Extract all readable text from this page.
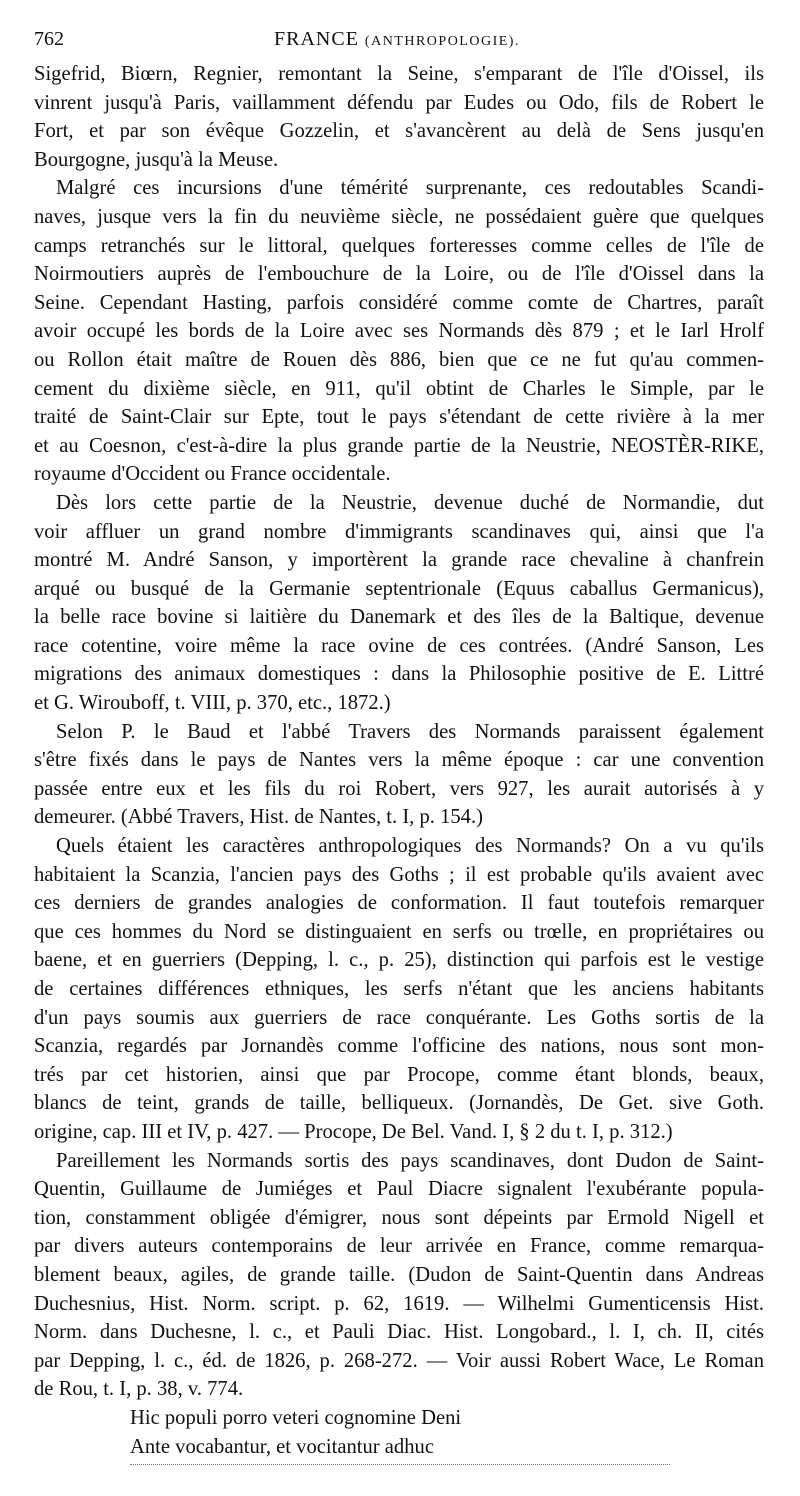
762	FRANCE (ANTHROPOLOGIE).
Sigefrid, Biœrn, Regnier, remontant la Seine, s'emparant de l'île d'Oissel, ils
vinrent jusqu'à Paris, vaillamment défendu par Eudes ou Odo, fils de Robert le
Fort, et par son évêque Gozzelin, et s'avancèrent au delà de Sens jusqu'en
Bourgogne, jusqu'à la Meuse.
Malgré ces incursions d'une témérité surprenante, ces redoutables Scandi-
naves, jusque vers la fin du neuvième siècle, ne possédaient guère que quelques
camps retranchés sur le littoral, quelques forteresses comme celles de l'île de
Noirmoutiers auprès de l'embouchure de la Loire, ou de l'île d'Oissel dans la
Seine. Cependant Hasting, parfois considéré comme comte de Chartres, paraît
avoir occupé les bords de la Loire avec ses Normands dès 879 ; et le Iarl Hrolf
ou Rollon était maître de Rouen dès 886, bien que ce ne fut qu'au commen-
cement du dixième siècle, en 911, qu'il obtint de Charles le Simple, par le
traité de Saint-Clair sur Epte, tout le pays s'étendant de cette rivière à la mer
et au Coesnon, c'est-à-dire la plus grande partie de la Neustrie, NEOSTÈR-RIKE,
royaume d'Occident ou France occidentale.
Dès lors cette partie de la Neustrie, devenue duché de Normandie, dut
voir affluer un grand nombre d'immigrants scandinaves qui, ainsi que l'a
montré M. André Sanson, y importèrent la grande race chevaline à chanfrein
arqué ou busqué de la Germanie septentrionale (Equus caballus Germanicus),
la belle race bovine si laitière du Danemark et des îles de la Baltique, devenue
race cotentine, voire même la race ovine de ces contrées. (André Sanson, Les
migrations des animaux domestiques : dans la Philosophie positive de E. Littré
et G. Wirouboff, t. VIII, p. 370, etc., 1872.)
Selon P. le Baud et l'abbé Travers des Normands paraissent également
s'être fixés dans le pays de Nantes vers la même époque : car une convention
passée entre eux et les fils du roi Robert, vers 927, les aurait autorisés à y
demeurer. (Abbé Travers, Hist. de Nantes, t. I, p. 154.)
Quels étaient les caractères anthropologiques des Normands? On a vu qu'ils
habitaient la Scanzia, l'ancien pays des Goths ; il est probable qu'ils avaient avec
ces derniers de grandes analogies de conformation. Il faut toutefois remarquer
que ces hommes du Nord se distinguaient en serfs ou trœlle, en propriétaires ou
baene, et en guerriers (Depping, l. c., p. 25), distinction qui parfois est le vestige
de certaines différences ethniques, les serfs n'étant que les anciens habitants
d'un pays soumis aux guerriers de race conquérante. Les Goths sortis de la
Scanzia, regardés par Jornandès comme l'officine des nations, nous sont mon-
trés par cet historien, ainsi que par Procope, comme étant blonds, beaux,
blancs de teint, grands de taille, belliqueux. (Jornandès, De Get. sive Goth.
origine, cap. III et IV, p. 427. — Procope, De Bel. Vand. I, § 2 du t. I, p. 312.)
Pareillement les Normands sortis des pays scandinaves, dont Dudon de Saint-
Quentin, Guillaume de Jumiéges et Paul Diacre signalent l'exubérante popula-
tion, constamment obligée d'émigrer, nous sont dépeints par Ermold Nigell et
par divers auteurs contemporains de leur arrivée en France, comme remarqua-
blement beaux, agiles, de grande taille. (Dudon de Saint-Quentin dans Andreas
Duchesnius, Hist. Norm. script. p. 62, 1619. — Wilhelmi Gumenticensis Hist.
Norm. dans Duchesne, l. c., et Pauli Diac. Hist. Longobard., l. I, ch. II, cités
par Depping, l. c., éd. de 1826, p. 268-272. — Voir aussi Robert Wace, Le Roman
de Rou, t. I, p. 38, v. 774.
Hic populi porro veteri cognomine Deni
Ante vocabantur, et vocitantur adhuc
